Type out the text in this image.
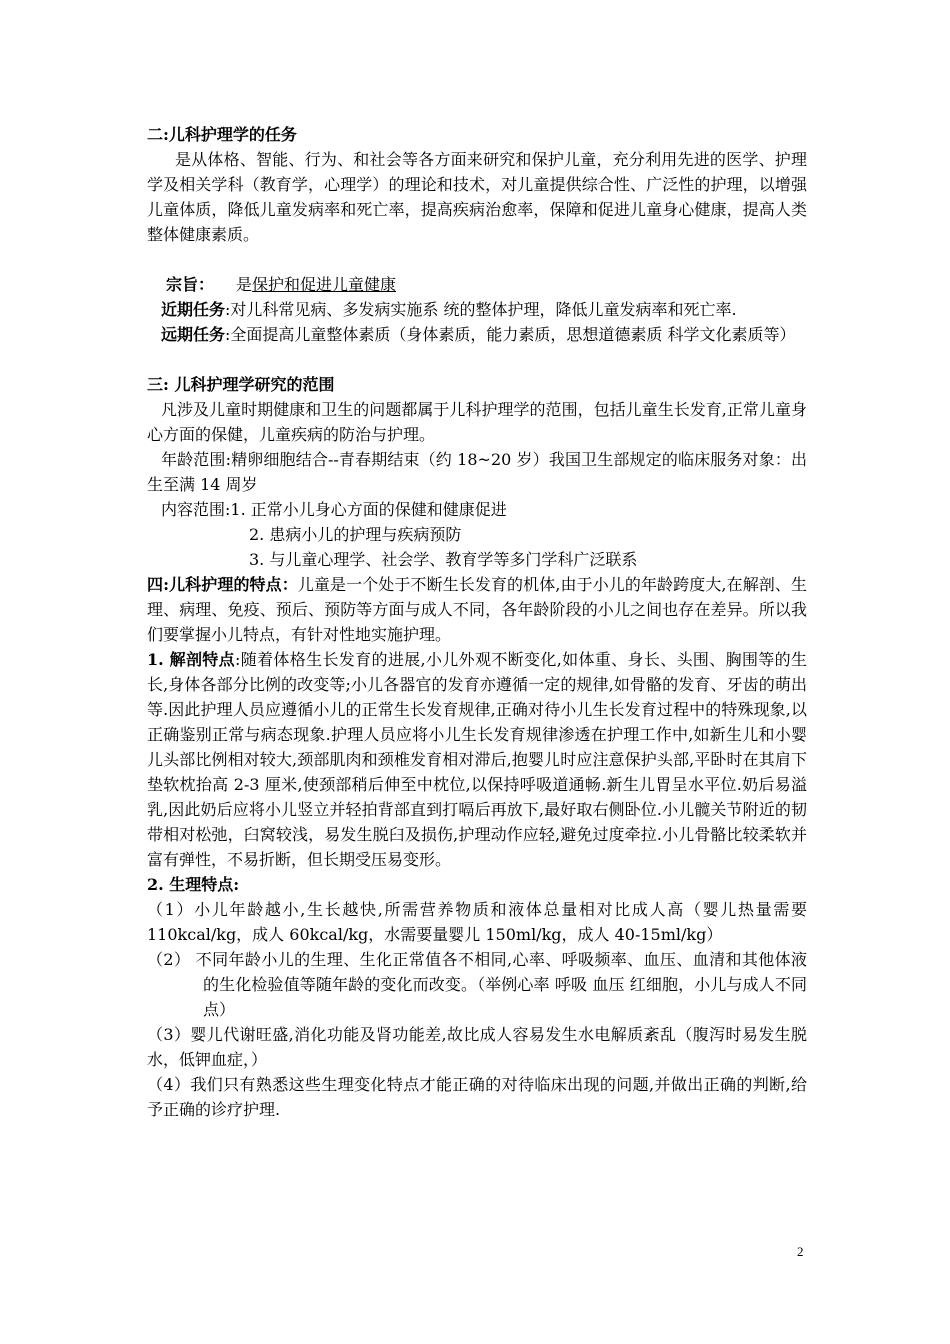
二:儿科护理学的任务

是从体格、智能、行为、和社会等各方面来研究和保护儿童，充分利用先进的医学、护理学及相关学科（教育学，心理学）的理论和技术，对儿童提供综合性、广泛性的护理，以增强儿童体质，降低儿童发病率和死亡率，提高疾病治愈率，保障和促进儿童身心健康，提高人类整体健康素质。

宗旨： 是保护和促进儿童健康

近期任务:对儿科常见病、多发病实施系 统的整体护理，降低儿童发病率和死亡率.

远期任务:全面提高儿童整体素质（身体素质，能力素质，思想道德素质 科学文化素质等）

三: 儿科护理学研究的范围

凡涉及儿童时期健康和卫生的问题都属于儿科护理学的范围，包括儿童生长发育,正常儿童身心方面的保健，儿童疾病的防治与护理。

年龄范围:精卵细胞结合--青春期结束（约 18~20 岁）我国卫生部规定的临床服务对象：出生至满 14 周岁

内容范围:1. 正常小儿身心方面的保健和健康促进

2. 患病小儿的护理与疾病预防

3. 与儿童心理学、社会学、教育学等多门学科广泛联系

四:儿科护理的特点：儿童是一个处于不断生长发育的机体,由于小儿的年龄跨度大,在解剖、生理、病理、免疫、预后、预防等方面与成人不同，各年龄阶段的小儿之间也存在差异。所以我们要掌握小儿特点，有针对性地实施护理。

1. 解剖特点:随着体格生长发育的进展,小儿外观不断变化,如体重、身长、头围、胸围等的生长,身体各部分比例的改变等;小儿各器官的发育亦遵循一定的规律,如骨骼的发育、牙齿的萌出等.因此护理人员应遵循小儿的正常生长发育规律,正确对待小儿生长发育过程中的特殊现象,以正确鉴别正常与病态现象.护理人员应将小儿生长发育规律渗透在护理工作中,如新生儿和小婴儿头部比例相对较大,颈部肌肉和颈椎发育相对滞后,抱婴儿时应注意保护头部,平卧时在其肩下垫软枕抬高 2-3 厘米,使颈部稍后伸至中枕位,以保持呼吸道通畅.新生儿胃呈水平位.奶后易溢乳,因此奶后应将小儿竖立并轻拍背部直到打嗝后再放下,最好取右侧卧位.小儿髋关节附近的韧带相对松弛，臼窝较浅，易发生脱臼及损伤,护理动作应轻,避免过度牵拉.小儿骨骼比较柔软并富有弹性，不易折断，但长期受压易变形。

2. 生理特点:

（1）小儿年龄越小,生长越快,所需营养物质和液体总量相对比成人高（婴儿热量需要 110kcal/kg，成人 60kcal/kg，水需要量婴儿 150ml/kg，成人 40-15ml/kg）

（2） 不同年龄小儿的生理、生化正常值各不相同,心率、呼吸频率、血压、血清和其他体液的生化检验值等随年龄的变化而改变。（举例心率 呼吸 血压 红细胞，小儿与成人不同点）

（3）婴儿代谢旺盛,消化功能及肾功能差,故比成人容易发生水电解质紊乱（腹泻时易发生脱水，低钾血症，）

（4）我们只有熟悉这些生理变化特点才能正确的对待临床出现的问题,并做出正确的判断,给予正确的诊疗护理.

2
